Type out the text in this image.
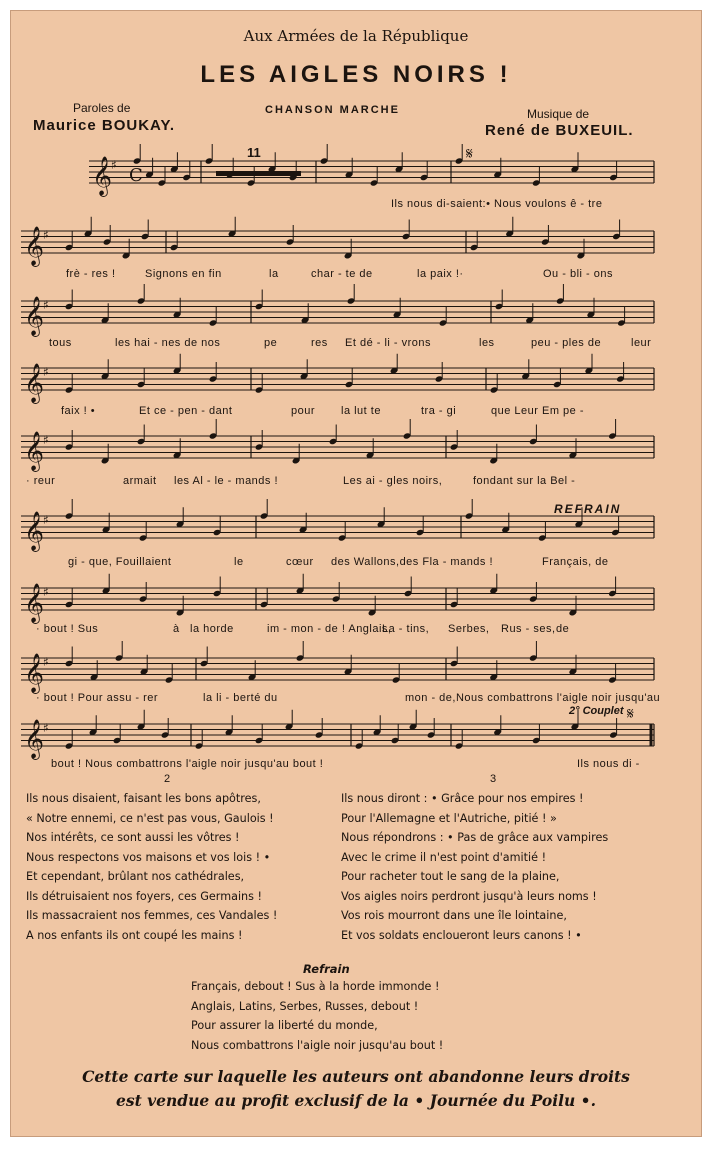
Aux Armées de la République
LES AIGLES NOIRS !
Paroles de
Maurice BOUKAY.
CHANSON MARCHE	Musique de
René de BUXEUIL.
𝄞
♯
𝄞
♯
𝄞
♯
𝄞
♯
𝄞
♯
𝄞
♯
𝄞
♯
𝄞
♯
𝄞
♯
C
11	𝄋
𝄋
REFRAIN
2° Couplet
Ils nous di-saient:• Nous voulons ê - tre
frè - res !	Signons en fin	la	char - te de	la paix !·	Ou - bli - ons
tous	les hai - nes de nos	pe	res Et dé - li - vrons	les	peu - ples de	leur
faix ! •	Et ce - pen - dant	pour la lut te	tra - gi	que Leur Em pe -
· reur	armait les Al - le - mands !	Les ai - gles noirs,	fondant sur la Bel -
gi - que, Fouillaient	le	cœur des Wallons,des Fla - mands !	Français, de
· bout ! Sus	à la horde	im - mon - de ! Anglais,
La - tins, Serbes, Rus - ses, de
· bout ! Pour assu - rer	la li - berté du	mon - de,Nous combattrons l'aigle noir jusqu'au
bout ! Nous combattrons l'aigle noir jusqu'au bout !	Ils nous di -
2	3
Ils nous disaient, faisant les bons apôtres,
« Notre ennemi, ce n'est pas vous, Gaulois !
Nos intérêts, ce sont aussi les vôtres !
Nous respectons vos maisons et vos lois ! •
Et cependant, brûlant nos cathédrales,
Ils détruisaient nos foyers, ces Germains !
Ils massacraient nos femmes, ces Vandales !
A nos enfants ils ont coupé les mains !
Ils nous diront : • Grâce pour nos empires !
Pour l'Allemagne et l'Autriche, pitié ! »
Nous répondrons : • Pas de grâce aux vampires
Avec le crime il n'est point d'amitié !
Pour racheter tout le sang de la plaine,
Vos aigles noirs perdront jusqu'à leurs noms !
Vos rois mourront dans une île lointaine,
Et vos soldats encloueront leurs canons ! •
Refrain
Français, debout ! Sus à la horde immonde !
Anglais, Latins, Serbes, Russes, debout !
Pour assurer la liberté du monde,
Nous combattrons l'aigle noir jusqu'au bout !
Cette carte sur laquelle les auteurs ont abandonne leurs droits
est vendue au profit exclusif de la • Journée du Poilu •.
